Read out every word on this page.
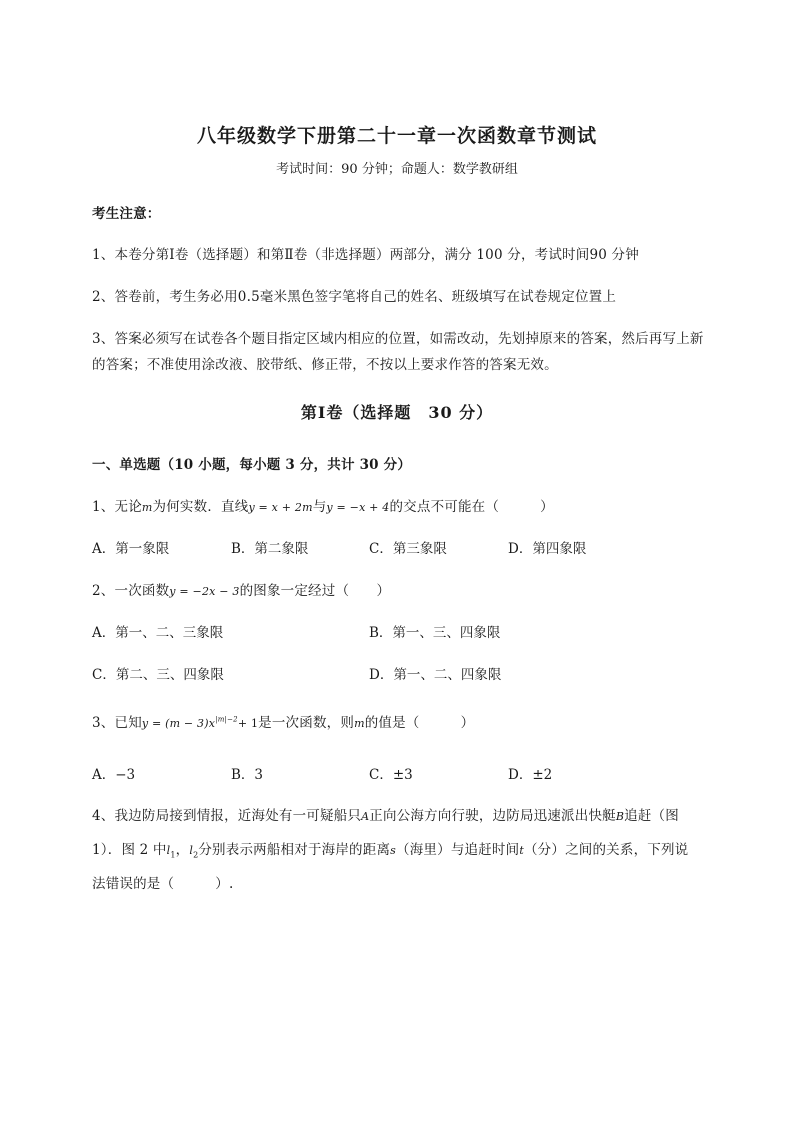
八年级数学下册第二十一章一次函数章节测试
考试时间：90 分钟；命题人：数学教研组
考生注意：
1、本卷分第Ⅰ卷（选择题）和第Ⅱ卷（非选择题）两部分，满分 100 分，考试时间90 分钟
2、答卷前，考生务必用0.5毫米黑色签字笔将自己的姓名、班级填写在试卷规定位置上
3、答案必须写在试卷各个题目指定区域内相应的位置，如需改动，先划掉原来的答案，然后再写上新
的答案；不准使用涂改液、胶带纸、修正带，不按以上要求作答的答案无效。
第Ⅰ卷（选择题　30 分）
一、单选题（10 小题，每小题 3 分，共计 30 分）
1、无论m为何实数．直线y = x + 2m与y = −x + 4的交点不可能在（　　　）
A．第一象限	B．第二象限	C．第三象限	D．第四象限
2、一次函数y = −2x − 3的图象一定经过（　　）
A．第一、二、三象限	B．第一、三、四象限
C．第二、三、四象限	D．第一、二、四象限
3、已知$y = (m - 3)x^{|m|-2}+ 1$是一次函数，则m的值是（　　　）
A．−3	B．3	C．±3	D．±2
4、我边防局接到情报，近海处有一可疑船只A正向公海方向行驶，边防局迅速派出快艇B追赶（图
1）．图 2 中$l_1$，$l_2$分别表示两船相对于海岸的距离s（海里）与追赶时间t（分）之间的关系，下列说
法错误的是（　　　）.
